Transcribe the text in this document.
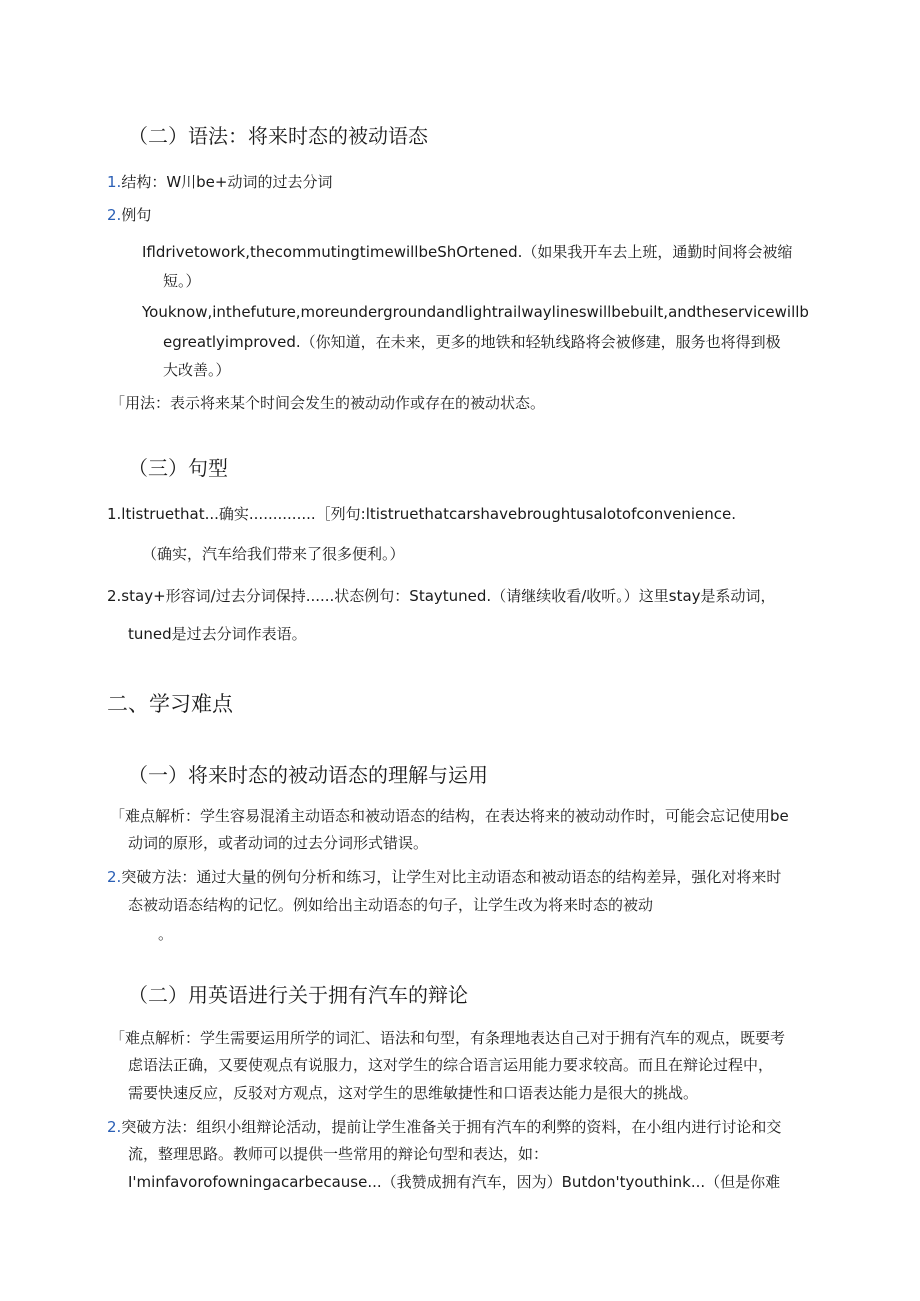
（二）语法：将来时态的被动语态
1.结构：W川be+动词的过去分词
2.例句
Ifldrivetowork,thecommutingtimewillbeShOrtened.（如果我开车去上班，通勤时间将会被缩
短。）
Youknow,inthefuture,moreundergroundandlightrailwaylineswillbebuilt,andtheservicewillb
egreatlyimproved.（你知道，在未来，更多的地铁和轻轨线路将会被修建，服务也将得到极
大改善。）
「用法：表示将来某个时间会发生的被动动作或存在的被动状态。
（三）句型
1.ltistruethat...确实..............［列句:ltistruethatcarshavebroughtusalotofconvenience.
（确实，汽车给我们带来了很多便利。）
2.stay+形容词/过去分词保持......状态例句：Staytuned.（请继续收看/收听。）这里stay是系动词，
tuned是过去分词作表语。
二、学习难点
（一）将来时态的被动语态的理解与运用
「难点解析：学生容易混淆主动语态和被动语态的结构，在表达将来的被动动作时，可能会忘记使用be
动词的原形，或者动词的过去分词形式错误。
2.突破方法：通过大量的例句分析和练习，让学生对比主动语态和被动语态的结构差异，强化对将来时
态被动语态结构的记忆。例如给出主动语态的句子，让学生改为将来时态的被动
。
（二）用英语进行关于拥有汽车的辩论
「难点解析：学生需要运用所学的词汇、语法和句型，有条理地表达自己对于拥有汽车的观点，既要考
虑语法正确，又要使观点有说服力，这对学生的综合语言运用能力要求较高。而且在辩论过程中，
需要快速反应，反驳对方观点，这对学生的思维敏捷性和口语表达能力是很大的挑战。
2.突破方法：组织小组辩论活动，提前让学生准备关于拥有汽车的利弊的资料，在小组内进行讨论和交
流，整理思路。教师可以提供一些常用的辩论句型和表达，如：
I'minfavorofowningacarbecause...（我赞成拥有汽车，因为）Butdon'tyouthink...（但是你难
